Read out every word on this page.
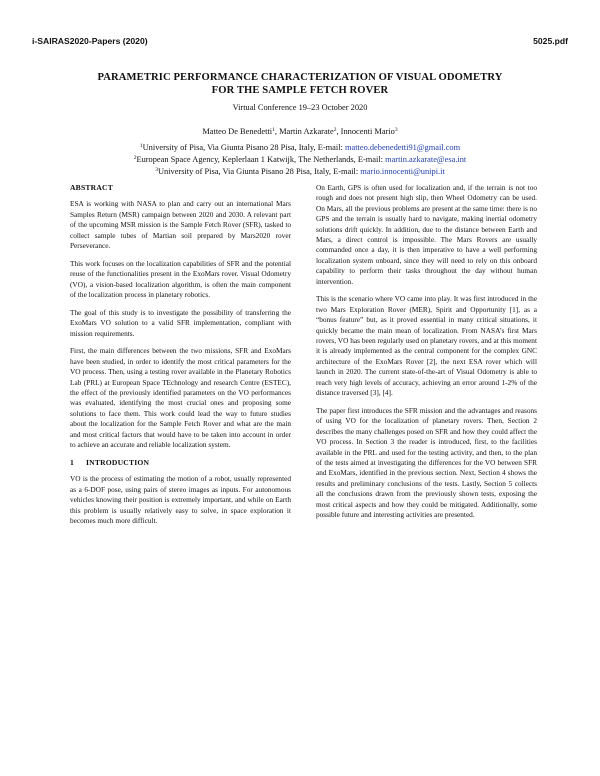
i-SAIRAS2020-Papers (2020)	5025.pdf
PARAMETRIC PERFORMANCE CHARACTERIZATION OF VISUAL ODOMETRY
FOR THE SAMPLE FETCH ROVER
Virtual Conference 19–23 October 2020
Matteo De Benedetti$^1$, Martin Azkarate$^2$, Innocenti Mario$^3$
$^1$University of Pisa, Via Giunta Pisano 28 Pisa, Italy, E-mail: matteo.debenedetti91@gmail.com
$^2$European Space Agency, Keplerlaan 1 Katwijk, The Netherlands, E-mail: martin.azkarate@esa.int
$^3$University of Pisa, Via Giunta Pisano 28 Pisa, Italy, E-mail: mario.innocenti@unipi.it
ABSTRACT

ESA is working with NASA to plan and carry out an international Mars Samples Return (MSR) campaign between 2020 and 2030. A relevant part of the upcoming MSR mission is the Sample Fetch Rover (SFR), tasked to collect sample tubes of Martian soil prepared by Mars2020 rover Perseverance.

This work focuses on the localization capabilities of SFR and the potential reuse of the functionalities present in the ExoMars rover. Visual Odometry (VO), a vision-based localization algorithm, is often the main component of the localization process in planetary robotics.

The goal of this study is to investigate the possibility of transferring the ExoMars VO solution to a valid SFR implementation, compliant with mission requirements.

First, the main differences between the two missions, SFR and ExoMars have been studied, in order to identify the most critical parameters for the VO process. Then, using a testing rover available in the Planetary Robotics Lab (PRL) at European Space TEchnology and research Centre (ESTEC), the effect of the previously identified parameters on the VO performances was evaluated, identifying the most crucial ones and proposing some solutions to face them. This work could lead the way to future studies about the localization for the Sample Fetch Rover and what are the main and most critical factors that would have to be taken into account in order to achieve an accurate and reliable localization system.

1 INTRODUCTION

VO is the process of estimating the motion of a robot, usually represented as a 6-DOF pose, using pairs of stereo images as inputs. For autonomous vehicles knowing their position is extremely important, and while on Earth this problem is usually relatively easy to solve, in space exploration it becomes much more difficult.

On Earth, GPS is often used for localization and, if the terrain is not too rough and does not present high slip, then Wheel Odometry can be used. On Mars, all the previous problems are present at the same time: there is no GPS and the terrain is usually hard to navigate, making inertial odometry solutions drift quickly. In addition, due to the distance between Earth and Mars, a direct control is impossible. The Mars Rovers are usually commanded once a day, it is then imperative to have a well performing localization system onboard, since they will need to rely on this onboard capability to perform their tasks throughout the day without human intervention.

This is the scenario where VO came into play. It was first introduced in the two Mars Exploration Rover (MER), Spirit and Opportunity [1], as a “bonus feature” but, as it proved essential in many critical situations, it quickly became the main mean of localization. From NASA’s first Mars rovers, VO has been regularly used on planetary rovers, and at this moment it is already implemented as the central component for the complex GNC architecture of the ExoMars Rover [2], the next ESA rover which will launch in 2020. The current state-of-the-art of Visual Odometry is able to reach very high levels of accuracy, achieving an error around 1-2% of the distance traversed [3], [4].

The paper first introduces the SFR mission and the advantages and reasons of using VO for the localization of planetary rovers. Then, Section 2 describes the many challenges posed on SFR and how they could affect the VO process. In Section 3 the reader is introduced, first, to the facilities available in the PRL and used for the testing activity, and then, to the plan of the tests aimed at investigating the differences for the VO between SFR and ExoMars, identified in the previous section. Next, Section 4 shows the results and preliminary conclusions of the tests. Lastly, Section 5 collects all the conclusions drawn from the previously shown tests, exposing the most critical aspects and how they could be mitigated. Additionally, some possible future and interesting activities are presented.
